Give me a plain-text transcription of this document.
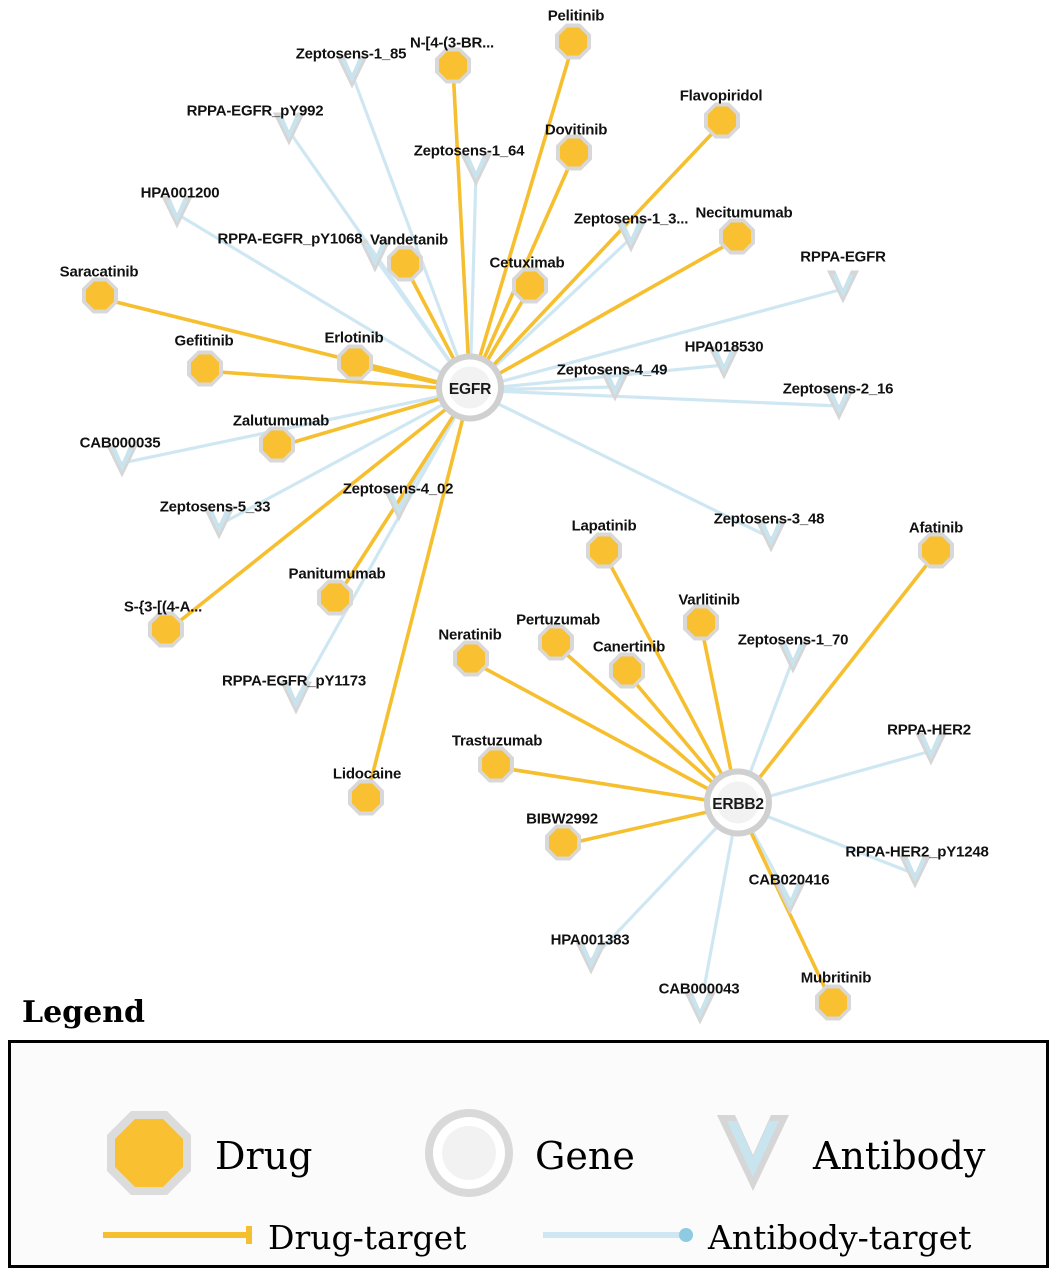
Zeptosens-1_85
RPPA-EGFR_pY992
Zeptosens-1_64
HPA001200
Zeptosens-1_3...
RPPA-EGFR_pY1068
RPPA-EGFR
HPA018530
Zeptosens-4_49
Zeptosens-2_16
CAB000035
Zeptosens-4_02
Zeptosens-5_33
Zeptosens-3_48
RPPA-EGFR_pY1173
Zeptosens-1_70
RPPA-HER2
RPPA-HER2_pY1248
CAB020416
HPA001383
CAB000043
Pelitinib
N-[4-(3-BR...
Flavopiridol
Dovitinib
Necitumumab
Vandetanib
Cetuximab
Saracatinib
Erlotinib
Gefitinib
Zalutumumab
Lapatinib	Afatinib
Panitumumab
S-{3-[(4-A...	Varlitinib
Pertuzumab
Neratinib
Canertinib
Trastuzumab
Lidocaine
BIBW2992
Mubritinib
EGFR
ERBB2
Legend
Drug	Gene	Antibody
Drug-target	Antibody-target
